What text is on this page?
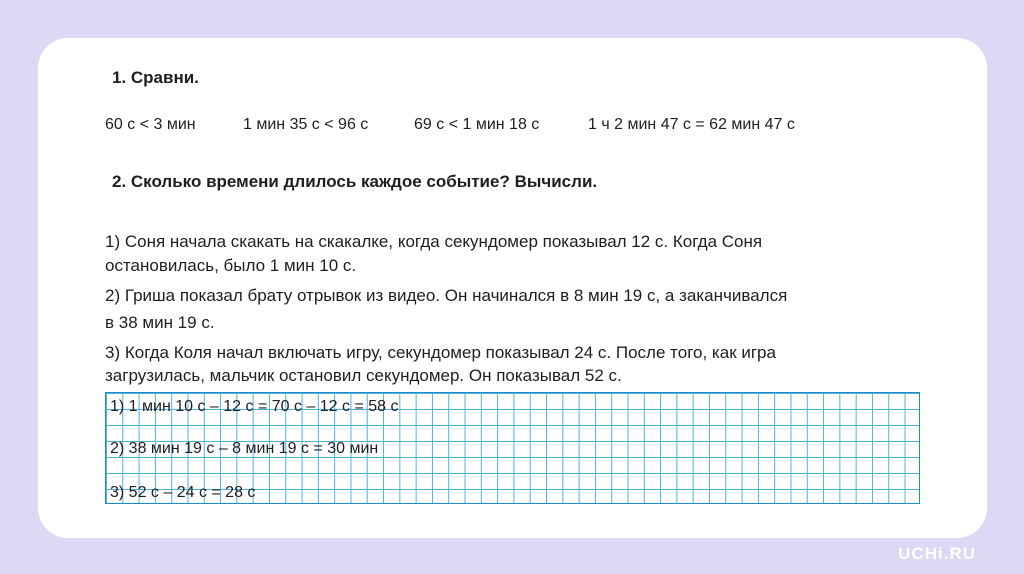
1. Сравни.
60 с < 3 мин	1 мин 35 с < 96 с	69 с < 1 мин 18 с	1 ч 2 мин 47 с = 62 мин 47 с
2. Сколько времени длилось каждое событие? Вычисли.
1) Соня начала скакать на скакалке, когда секундомер показывал 12 с. Когда Соня
остановилась, было 1 мин 10 с.
2) Гриша показал брату отрывок из видео. Он начинался в 8 мин 19 с, а заканчивался
в 38 мин 19 с.
3) Когда Коля начал включать игру, секундомер показывал 24 с. После того, как игра
загрузилась, мальчик остановил секундомер. Он показывал 52 с.
1) 1 мин 10 с – 12 с = 70 с – 12 с = 58 с
2) 38 мин 19 с – 8 мин 19 с = 30 мин
3) 52 с – 24 с = 28 с
UCHi.RU
